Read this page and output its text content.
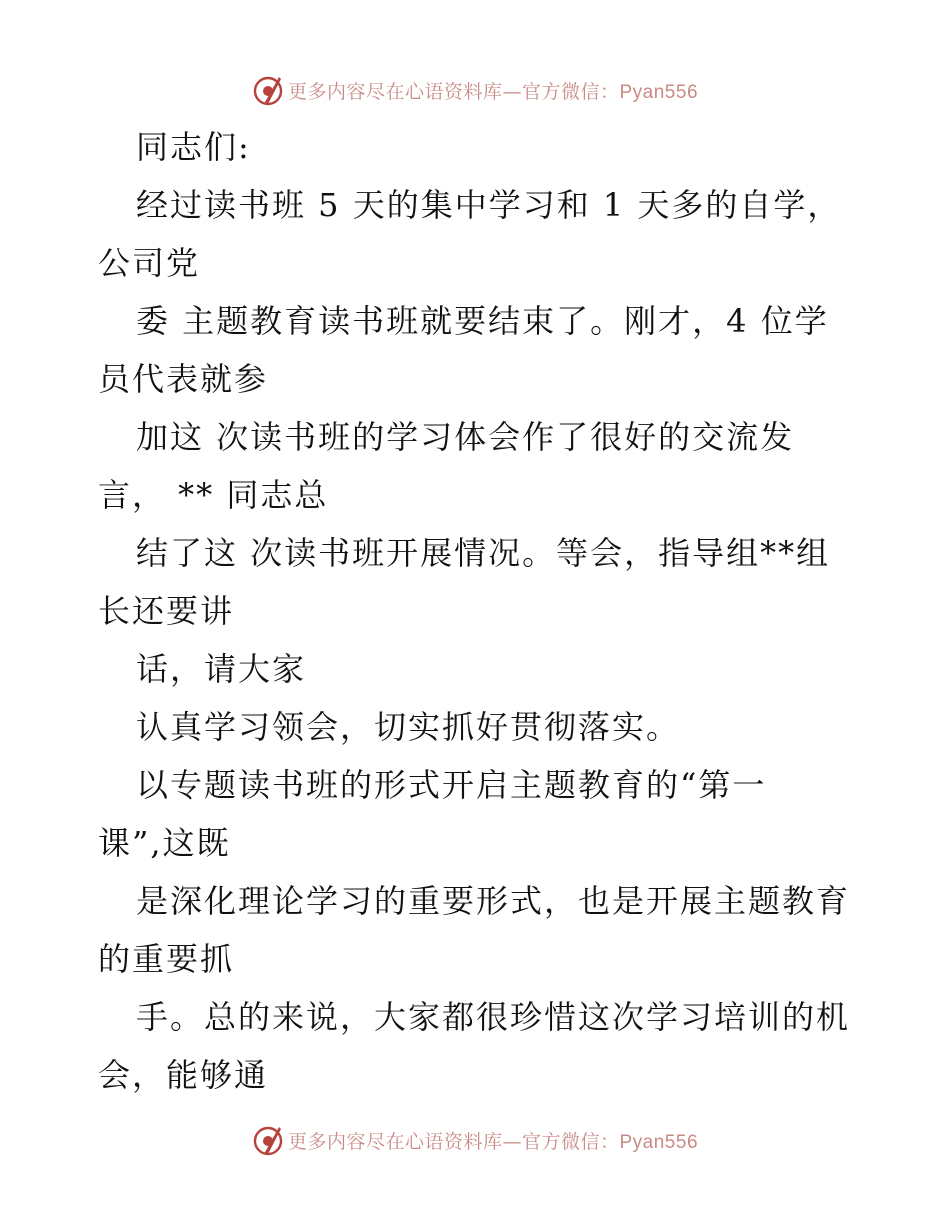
更多内容尽在心语资料库—官方微信：Pyan556
同志们:
经过读书班 5 天的集中学习和 1 天多的自学，
公司党
委 主题教育读书班就要结束了。刚才，4 位学
员代表就参
加这 次读书班的学习体会作了很好的交流发
言， ** 同志总
结了这 次读书班开展情况。等会，指导组**组
长还要讲
话，请大家
认真学习领会，切实抓好贯彻落实。
以专题读书班的形式开启主题教育的“第一
课”,这既
是深化理论学习的重要形式，也是开展主题教育
的重要抓
手。总的来说，大家都很珍惜这次学习培训的机
会，能够通
更多内容尽在心语资料库—官方微信：Pyan556
